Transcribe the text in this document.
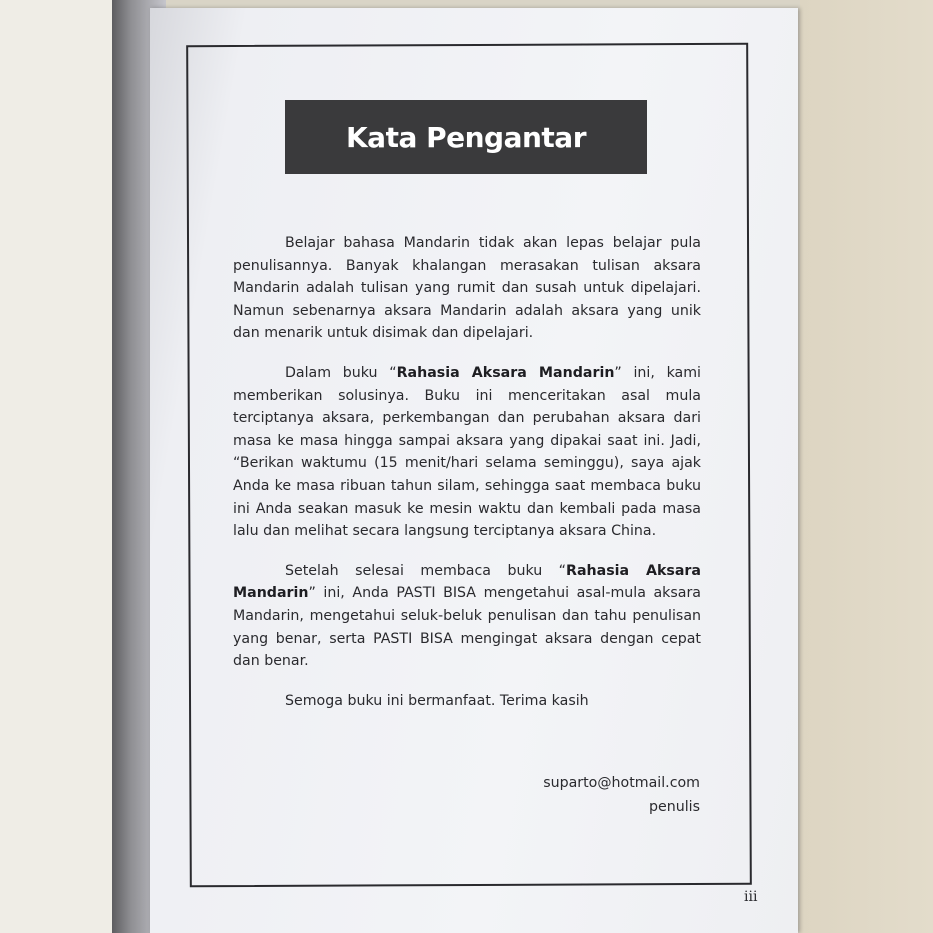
Kata Pengantar

Belajar bahasa Mandarin tidak akan lepas belajar pula penulisannya. Banyak khalangan merasakan tulisan aksara Mandarin adalah tulisan yang rumit dan susah untuk dipelajari. Namun sebenarnya aksara Mandarin adalah aksara yang unik dan menarik untuk disimak dan dipelajari.

Dalam buku “Rahasia Aksara Mandarin” ini, kami memberikan solusinya. Buku ini menceritakan asal mula terciptanya aksara, perkembangan dan perubahan aksara dari masa ke masa hingga sampai aksara yang dipakai saat ini. Jadi, “Berikan waktumu (15 menit/hari selama seminggu), saya ajak Anda ke masa ribuan tahun silam, sehingga saat membaca buku ini Anda seakan masuk ke mesin waktu dan kembali pada masa lalu dan melihat secara langsung terciptanya aksara China.

Setelah selesai membaca buku “Rahasia Aksara Mandarin” ini, Anda PASTI BISA mengetahui asal-mula aksara Mandarin, mengetahui seluk-beluk penulisan dan tahu penulisan yang benar, serta PASTI BISA mengingat aksara dengan cepat dan benar.

Semoga buku ini bermanfaat. Terima kasih

suparto@hotmail.com
penulis
iii
